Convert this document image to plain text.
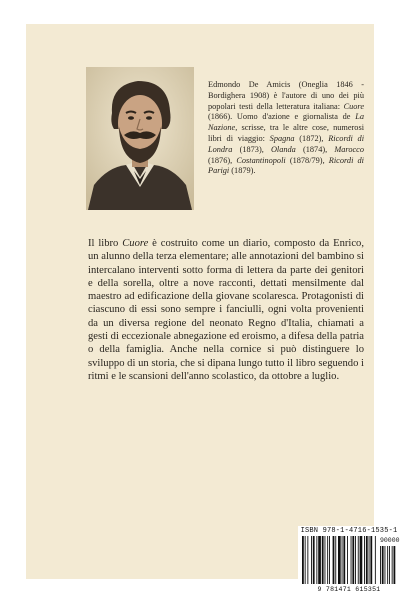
Edmondo De Amicis (Oneglia 1846 - Bordighera 1908) è l'autore di uno dei più popolari testi della letteratura italiana: Cuore (1866). Uomo d'azione e giornalista de La Nazione, scrisse, tra le altre cose, numerosi libri di viaggio: Spagna (1872), Ricordi di Londra (1873), Olanda (1874), Marocco (1876), Costantinopoli (1878/79), Ricordi di Parigi (1879).
Il libro Cuore è costruito come un diario, composto da Enrico, un alunno della terza elementare; alle annotazioni del bambino si intercalano interventi sotto forma di lettera da parte dei genitori e della sorella, oltre a nove racconti, dettati mensilmente dal maestro ad edificazione della giovane scolaresca. Protagonisti di ciascuno di essi sono sempre i fanciulli, ogni volta provenienti da un diversa regione del neonato Regno d'Italia, chiamati a gesti di eccezionale abnegazione ed eroismo, a difesa della patria o della famiglia. Anche nella cornice si può distinguere lo sviluppo di un storia, che si dipana lungo tutto il libro seguendo i ritmi e le scansioni dell'anno scolastico, da ottobre a luglio.
ISBN 978-1-4716-1535-1
90000
9 781471 615351
